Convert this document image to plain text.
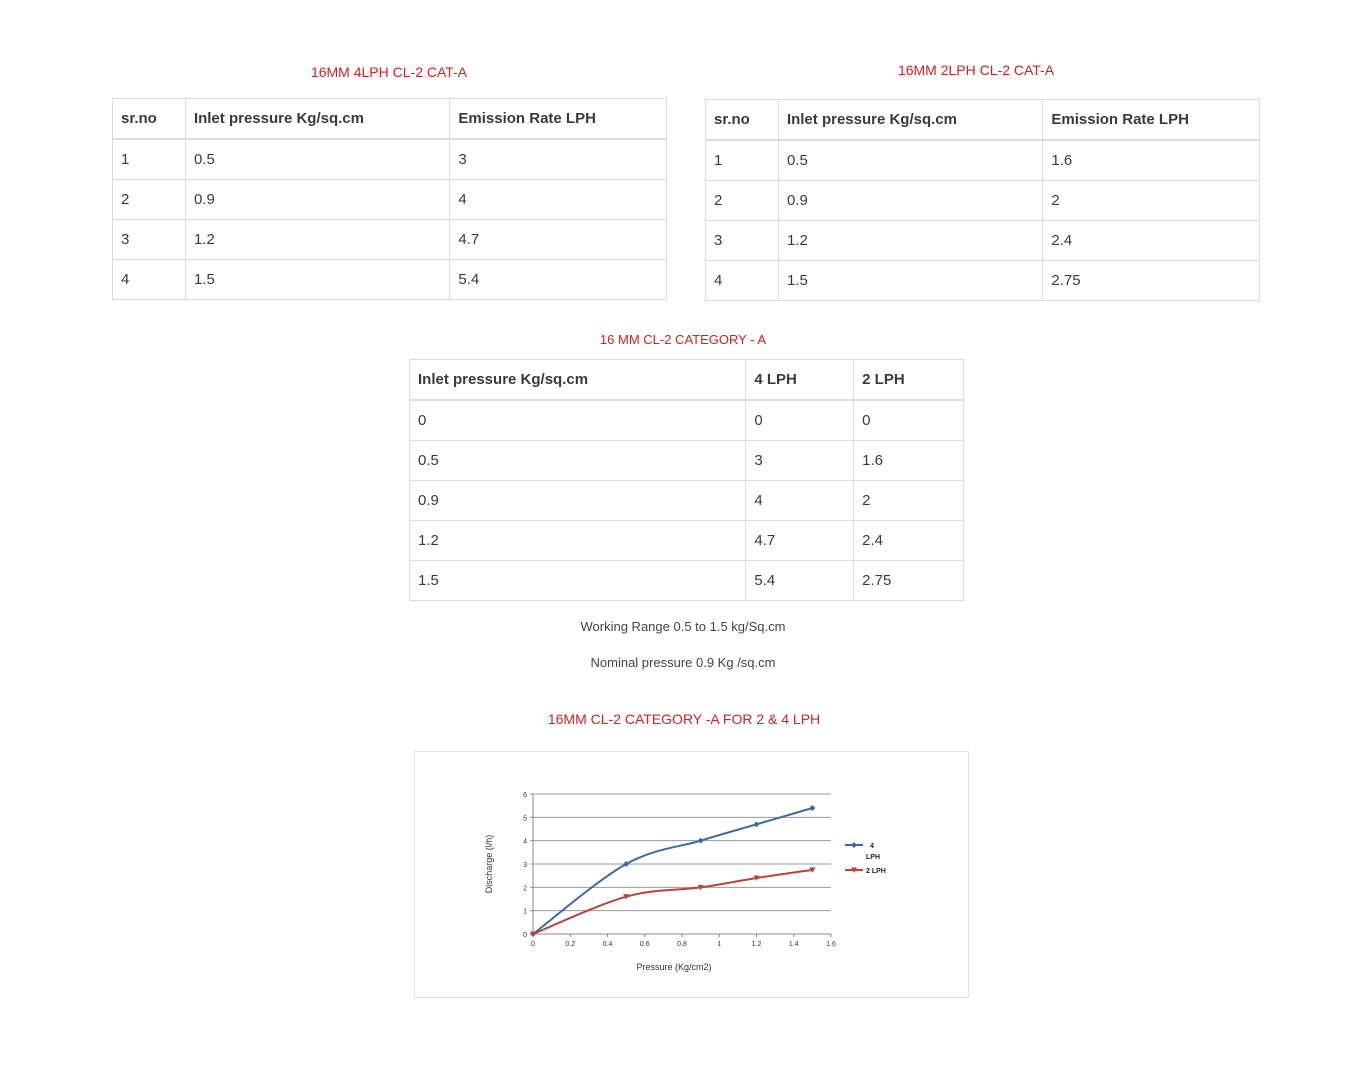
16MM 4LPH CL-2 CAT-A
sr.no	Inlet pressure Kg/sq.cm	Emission Rate LPH
1	0.5	3
2	0.9	4
3	1.2	4.7
4	1.5	5.4
16MM 2LPH CL-2 CAT-A
sr.no	Inlet pressure Kg/sq.cm	Emission Rate LPH
1	0.5	1.6
2	0.9	2
3	1.2	2.4
4	1.5	2.75
16 MM CL-2 CATEGORY - A
Inlet pressure Kg/sq.cm	4 LPH	2 LPH
0	0	0
0.5	3	1.6
0.9	4	2
1.2	4.7	2.4
1.5	5.4	2.75
Working Range 0.5 to 1.5 kg/Sq.cm
Nominal pressure 0.9 Kg /sq.cm
16MM CL-2 CATEGORY -A FOR 2 & 4 LPH
0
1
2
3
4
5
6
0	0.2	0.4	0.6	0.8	1	1.2	1.4	1.6
4
LPH
2 LPH
Discharge (l/h)
Pressure (Kg/cm2)
